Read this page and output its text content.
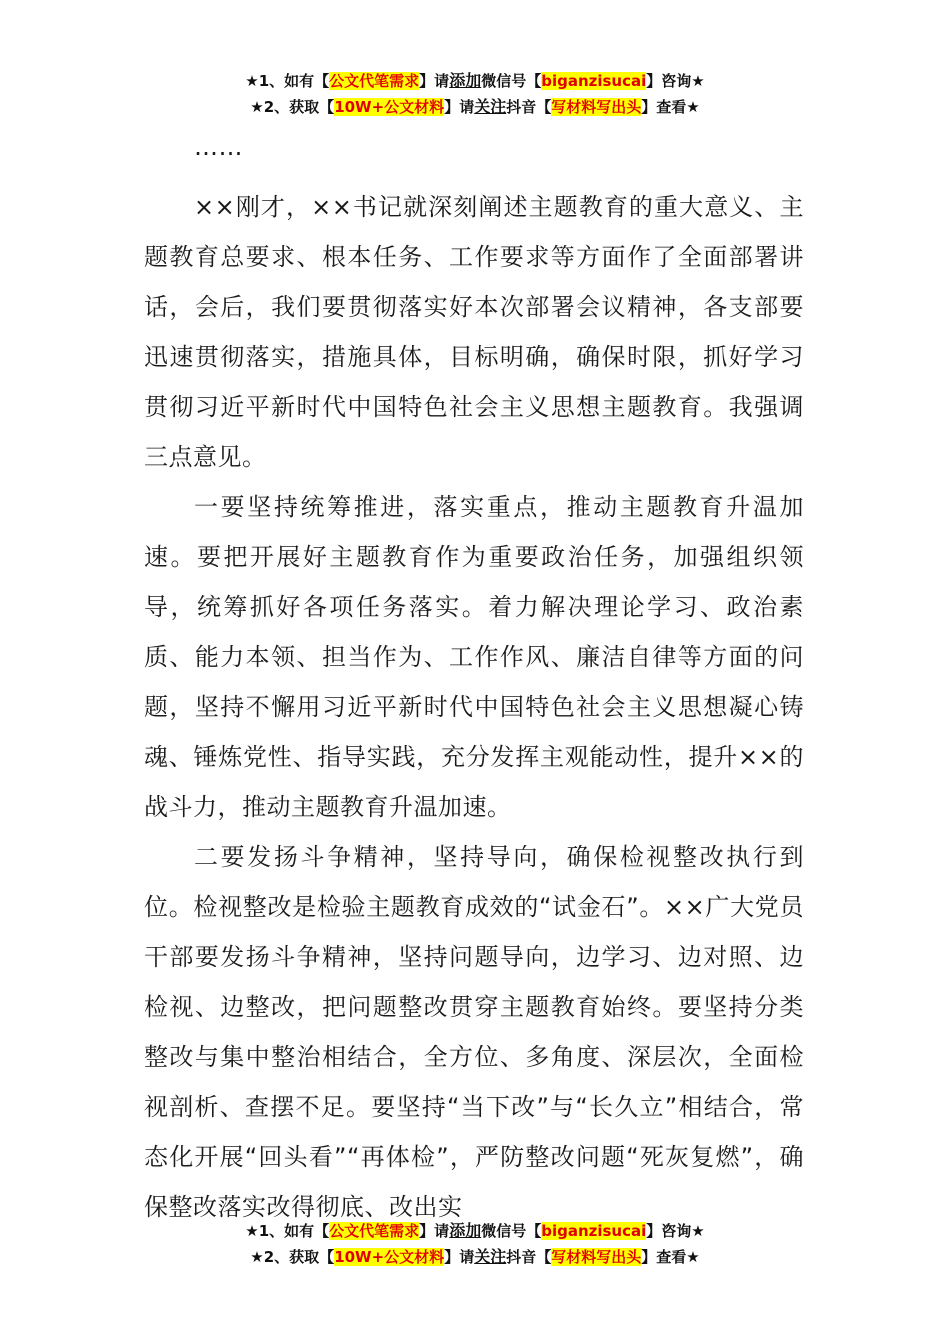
★1、如有【公文代笔需求】请添加微信号【biganzisucai】咨询★
★2、获取【10W+公文材料】请关注抖音【写材料写出头】查看★

……

××刚才，××书记就深刻阐述主题教育的重大意义、主题教育总要求、根本任务、工作要求等方面作了全面部署讲话，会后，我们要贯彻落实好本次部署会议精神，各支部要迅速贯彻落实，措施具体，目标明确，确保时限，抓好学习贯彻习近平新时代中国特色社会主义思想主题教育。我强调三点意见。

一要坚持统筹推进，落实重点，推动主题教育升温加速。要把开展好主题教育作为重要政治任务，加强组织领导，统筹抓好各项任务落实。着力解决理论学习、政治素质、能力本领、担当作为、工作作风、廉洁自律等方面的问题，坚持不懈用习近平新时代中国特色社会主义思想凝心铸魂、锤炼党性、指导实践，充分发挥主观能动性，提升××的战斗力，推动主题教育升温加速。

二要发扬斗争精神，坚持导向，确保检视整改执行到位。检视整改是检验主题教育成效的“试金石”。××广大党员干部要发扬斗争精神，坚持问题导向，边学习、边对照、边检视、边整改，把问题整改贯穿主题教育始终。要坚持分类整改与集中整治相结合，全方位、多角度、深层次，全面检视剖析、查摆不足。要坚持“当下改”与“长久立”相结合，常态化开展“回头看”“再体检”，严防整改问题“死灰复燃”，确保整改落实改得彻底、改出实

★1、如有【公文代笔需求】请添加微信号【biganzisucai】咨询★
★2、获取【10W+公文材料】请关注抖音【写材料写出头】查看★
